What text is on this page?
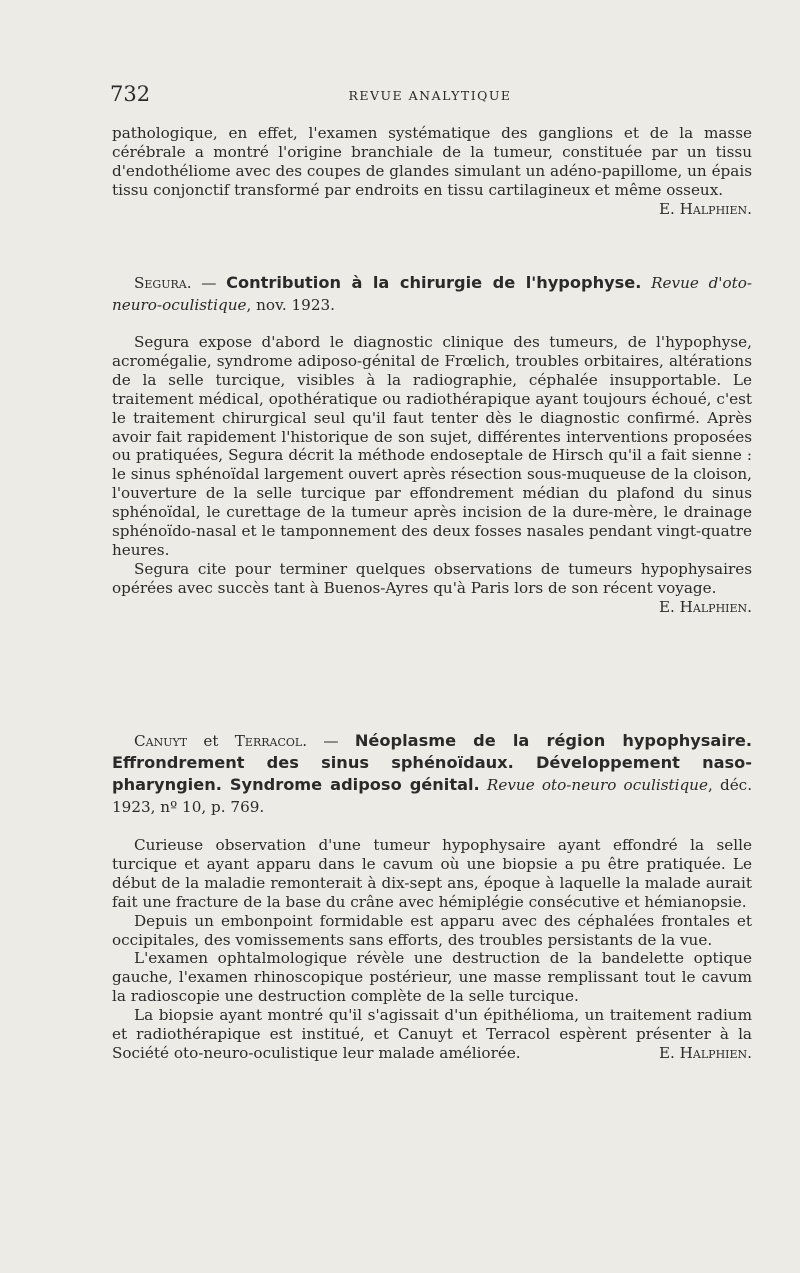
732	REVUE ANALYTIQUE

pathologique, en effet, l'examen systématique des ganglions et de la masse cérébrale a montré l'origine branchiale de la tumeur, constituée par un tissu d'endothéliome avec des coupes de glandes simulant un adéno-papillome, un épais tissu conjonctif transformé par endroits en tissu cartilagineux et même osseux.
E. Halphien.

Segura. — Contribution à la chirurgie de l'hypophyse. Revue d'oto-neuro-oculistique, nov. 1923.

Segura expose d'abord le diagnostic clinique des tumeurs, de l'hypophyse, acromégalie, syndrome adiposo-génital de Frœlich, troubles orbitaires, altérations de la selle turcique, visibles à la radiographie, céphalée insupportable. Le traitement médical, opothératique ou radiothérapique ayant toujours échoué, c'est le traitement chirurgical seul qu'il faut tenter dès le diagnostic confirmé. Après avoir fait rapidement l'historique de son sujet, différentes interventions proposées ou pratiquées, Segura décrit la méthode endoseptale de Hirsch qu'il a fait sienne : le sinus sphénoïdal largement ouvert après résection sous-muqueuse de la cloison, l'ouverture de la selle turcique par effondrement médian du plafond du sinus sphénoïdal, le curettage de la tumeur après incision de la dure-mère, le drainage sphénoïdo-nasal et le tamponnement des deux fosses nasales pendant vingt-quatre heures.

Segura cite pour terminer quelques observations de tumeurs hypophysaires opérées avec succès tant à Buenos-Ayres qu'à Paris lors de son récent voyage.
E. Halphien.

Canuyt et Terracol. — Néoplasme de la région hypophysaire. Effrondrement des sinus sphénoïdaux. Développement naso-pharyngien. Syndrome adiposo génital. Revue oto-neuro oculistique, déc. 1923, nº 10, p. 769.

Curieuse observation d'une tumeur hypophysaire ayant effondré la selle turcique et ayant apparu dans le cavum où une biopsie a pu être pratiquée. Le début de la maladie remonterait à dix-sept ans, époque à laquelle la malade aurait fait une fracture de la base du crâne avec hémiplégie consécutive et hémianopsie.

Depuis un embonpoint formidable est apparu avec des céphalées frontales et occipitales, des vomissements sans efforts, des troubles persistants de la vue.

L'examen ophtalmologique révèle une destruction de la bandelette optique gauche, l'examen rhinoscopique postérieur, une masse remplissant tout le cavum la radioscopie une destruction complète de la selle turcique.

La biopsie ayant montré qu'il s'agissait d'un épithélioma, un traitement radium et radiothérapique est institué, et Canuyt et Terracol espèrent présenter à la Société oto-neuro-oculistique leur malade améliorée.	E. Halphien.
